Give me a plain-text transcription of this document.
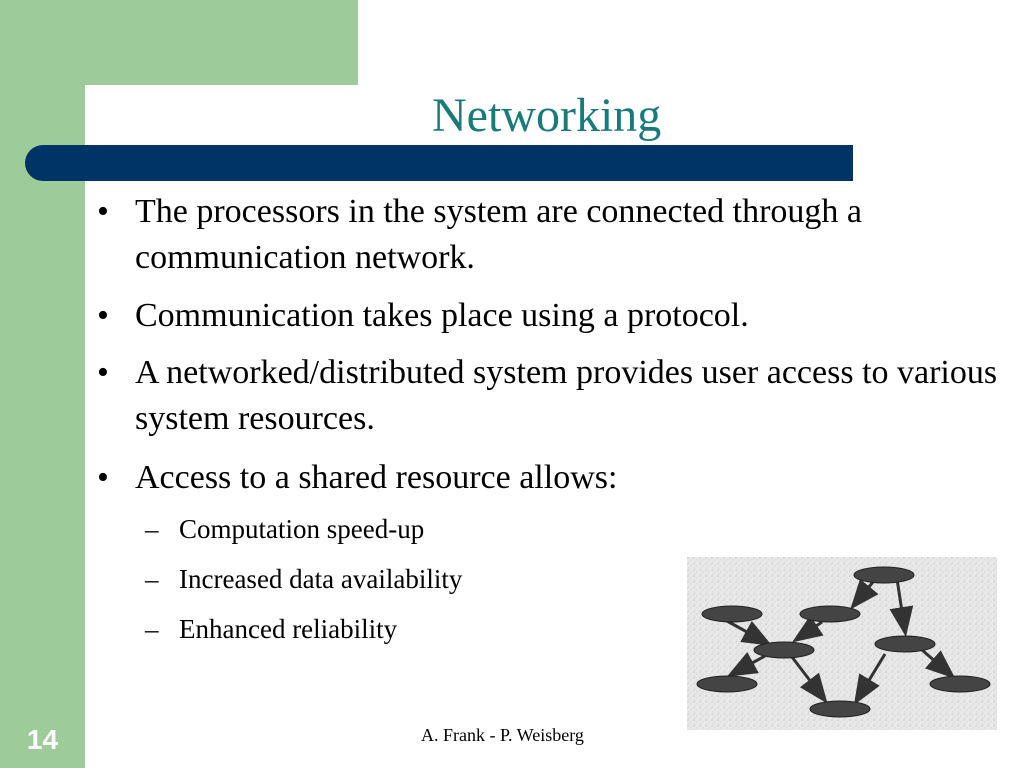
Networking
• The processors in the system are connected through a communication network.
• Communication takes place using a protocol.
• A networked/distributed system provides user access to various system resources.
• Access to a shared resource allows:
– Computation speed-up
– Increased data availability
– Enhanced reliability
14	A. Frank - P. Weisberg
